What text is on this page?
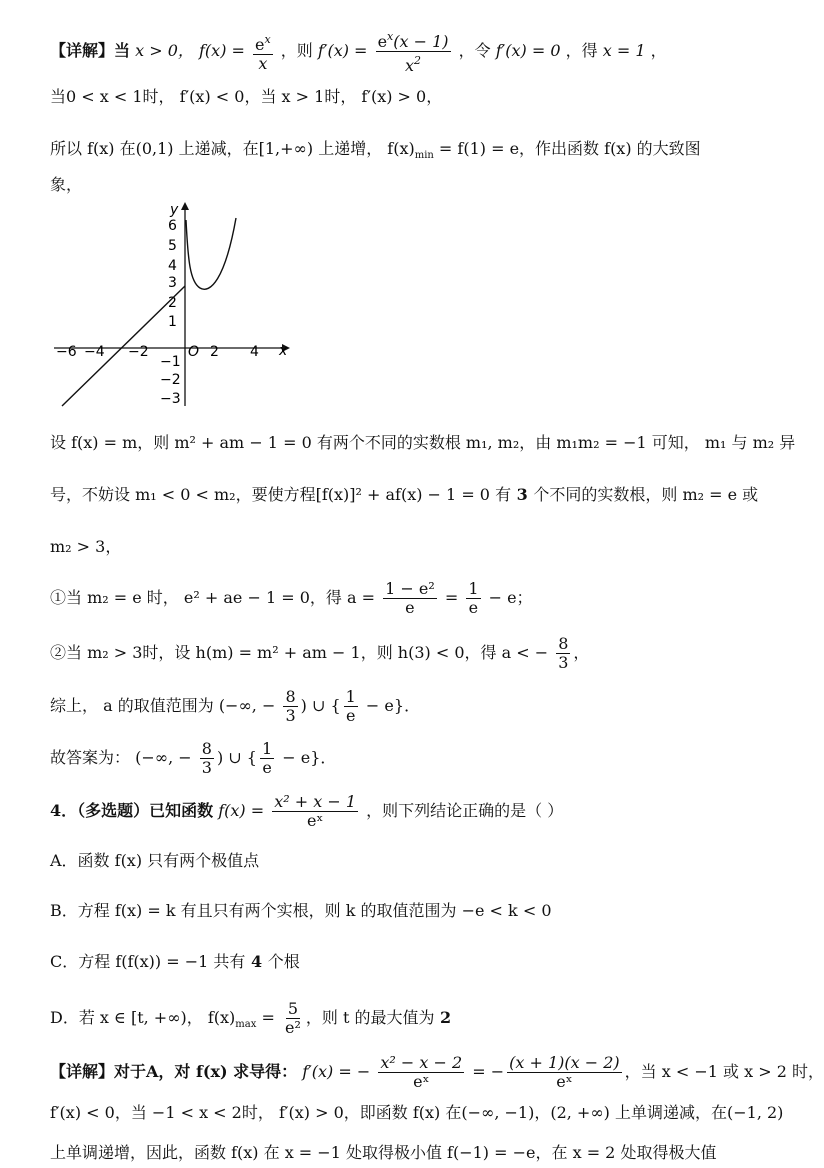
【详解】当 x > 0， $f(x) = \frac{e^x}{x}$ ，则 $f'(x) = \frac{e^x(x - 1)}{x^2}$ ，令 f′(x) = 0 ，得 x = 1 ，
当0 < x < 1时， f′(x) < 0，当 x > 1时， f′(x) > 0，
所以 f(x) 在(0,1) 上递减，在[1,+∞) 上递增， $f(x)_{min} = f(1) = e$，作出函数 f(x) 的大致图
象，
x
y
−6 −4 −2	O 2 4
6
5
4
3
2
1
−1
−2
−3
设 f(x) = m，则 m² + am − 1 = 0 有两个不同的实数根 m₁, m₂，由 m₁m₂ = −1 可知， m₁ 与 m₂ 异
号，不妨设 m₁ < 0 < m₂，要使方程[f(x)]² + af(x) − 1 = 0 有 3 个不同的实数根，则 m₂ = e 或
m₂ > 3，
①当 m₂ = e 时， e² + ae − 1 = 0，得 $a = \frac{\text{1 − e²}}{e} = \frac{1}{e} - e$；
②当 m₂ > 3时，设 h(m) = m² + am − 1，则 h(3) < 0，得 a < − $\frac{8}{3}$ ，
综上， a 的取值范围为 (−∞, − $\frac{8}{3}$ ) ∪ { $\frac{1}{e} - e$}．
故答案为： (−∞, − $\frac{8}{3}$ ) ∪ { $\frac{1}{e} - e$}．
4．（多选题）已知函数 $f(x) = \frac{\text{x² + x − 1}}{\text{eˣ}}$ ，则下列结论正确的是（ ）
A．函数 f(x) 只有两个极值点
B．方程 f(x) = k 有且只有两个实根，则 k 的取值范围为 −e < k < 0
C．方程 f(f(x)) = −1 共有 4 个根
D．若 x ∈ [t, +∞)， $f(x)_{max} = \frac{5}{\text{e²}}$ ，则 t 的最大值为 2
【详解】对于A，对 f(x) 求导得： f′(x) = − $\frac{\text{x² − x − 2}}{\text{eˣ}}$ = − $\frac{(x + 1)(x - 2)}{\text{eˣ}}$ ，当 x < −1 或 x > 2 时，
f′(x) < 0，当 −1 < x < 2时， f′(x) > 0，即函数 f(x) 在(−∞, −1)，(2, +∞) 上单调递减，在(−1, 2)
上单调递增，因此，函数 f(x) 在 x = −1 处取得极小值 f(−1) = −e，在 x = 2 处取得极大值
